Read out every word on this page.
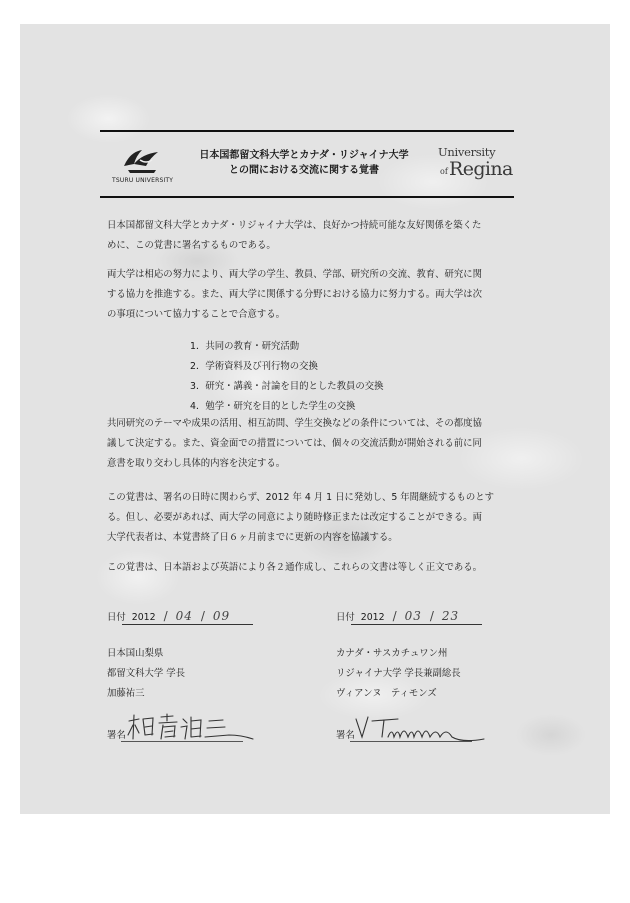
TSURU UNIVERSITY
日本国都留文科大学とカナダ・リジャイナ大学
との間における交流に関する覚書
University
of Regina
日本国都留文科大学とカナダ・リジャイナ大学は、良好かつ持続可能な友好関係を築くた
めに、この覚書に署名するものである。
両大学は相応の努力により、両大学の学生、教員、学部、研究所の交流、教育、研究に関
する協力を推進する。また、両大学に関係する分野における協力に努力する。両大学は次
の事項について協力することで合意する。
1．共同の教育・研究活動
2．学術資料及び刊行物の交換
3．研究・講義・討論を目的とした教員の交換
4．勉学・研究を目的とした学生の交換
共同研究のテーマや成果の活用、相互訪問、学生交換などの条件については、その都度協
議して決定する。また、資金面での措置については、個々の交流活動が開始される前に同
意書を取り交わし具体的内容を決定する。
この覚書は、署名の日時に関わらず、2012 年 4 月 1 日に発効し、5 年間継続するものとす
る。但し、必要があれば、両大学の同意により随時修正または改定することができる。両
大学代表者は、本覚書終了日６ヶ月前までに更新の内容を協議する。
この覚書は、日本語および英語により各２通作成し、これらの文書は等しく正文である。
日付 2012 / 04 / 09
日本国山梨県
都留文科大学 学長
加藤祐三
日付 2012 / 03 / 23
カナダ・サスカチュワン州
リジャイナ大学 学長兼副総長
ヴィアンヌ　ティモンズ
署名	署名
